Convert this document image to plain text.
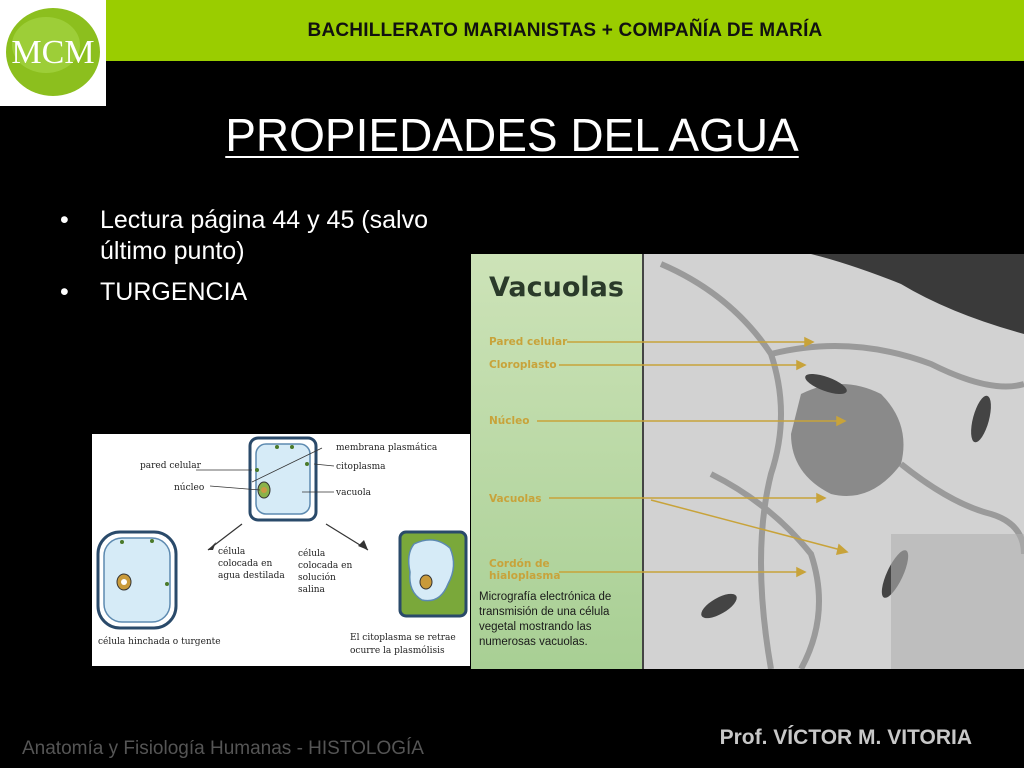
MCM
BACHILLERATO MARIANISTAS + COMPAÑÍA DE MARÍA
PROPIEDADES DEL AGUA
• Lectura página 44 y 45 (salvo último punto)
• TURGENCIA
membrana plasmática
pared celular	citoplasma
núcleo	vacuola
célula
colocada en
agua destilada
célula
colocada en
solución
salina
célula hinchada o turgente	El citoplasma se retrae
ocurre la plasmólisis
Vacuolas
Pared celular
Cloroplasto
Núcleo
Vacuolas
Cordón de
hialoplasma
Micrografía electrónica de
transmisión de una célula
vegetal mostrando las
numerosas vacuolas.
Anatomía y Fisiología Humanas - HISTOLOGÍA	Prof. VÍCTOR M. VITORIA
